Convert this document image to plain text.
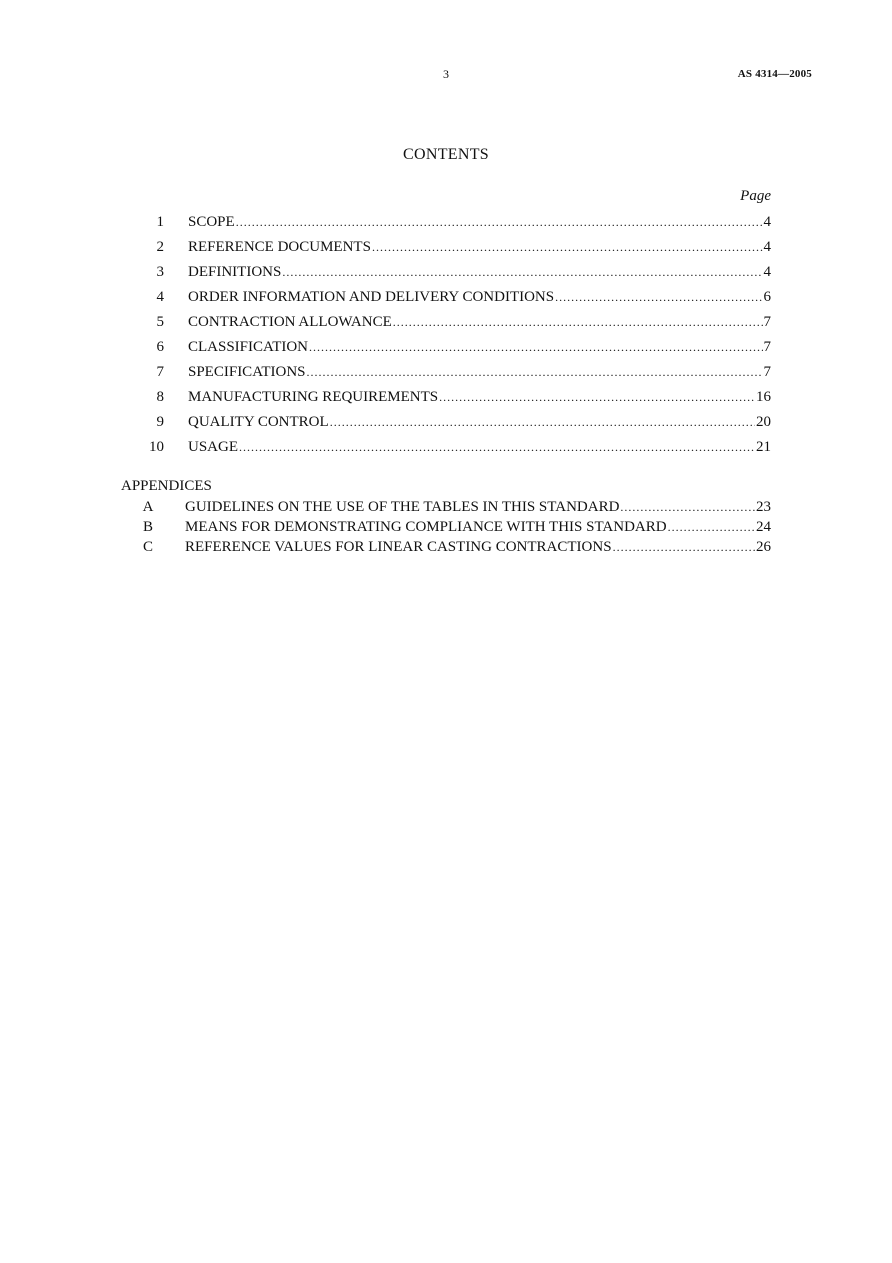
3	AS 4314—2005
CONTENTS
Page
1 SCOPE .....	4
2 REFERENCE DOCUMENTS .....	4
3 DEFINITIONS .....	4
4 ORDER INFORMATION AND DELIVERY CONDITIONS .....	6
5 CONTRACTION ALLOWANCE .....	7
6 CLASSIFICATION .....	7
7 SPECIFICATIONS .....	7
8 MANUFACTURING REQUIREMENTS .....	16
9 QUALITY CONTROL .....	20
10 USAGE .....	21
APPENDICES
A GUIDELINES ON THE USE OF THE TABLES IN THIS STANDARD .....	23
B MEANS FOR DEMONSTRATING COMPLIANCE WITH THIS STANDARD .....	24
C REFERENCE VALUES FOR LINEAR CASTING CONTRACTIONS .....	26
